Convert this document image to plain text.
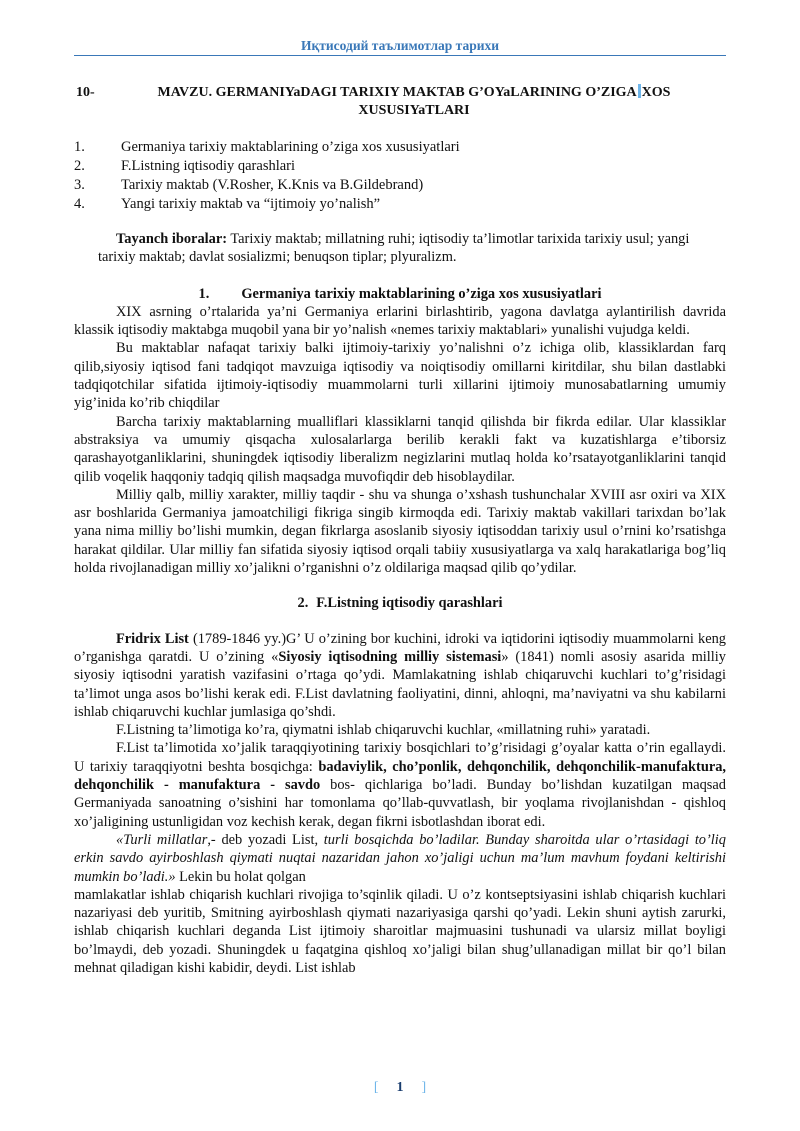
Иқтисодий таълимотлар тарихи
10-	MAVZU. GERMANIYaDAGI TARIXIY MAKTAB G’OYaLARINING O’ZIGA XOS
XUSUSIYaTLARI
1. Germaniya tarixiy maktablarining o’ziga xos xususiyatlari
2. F.Listning iqtisodiy qarashlari
3. Tarixiy maktab (V.Rosher, K.Knis va B.Gildebrand)
4. Yangi tarixiy maktab va “ijtimoiy yo’nalish”

Tayanch iboralar: Tarixiy maktab; millatning ruhi; iqtisodiy ta’limotlar tarixida tarixiy usul; yangi tarixiy maktab; davlat sosializmi; benuqson tiplar; plyuralizm.

1. Germaniya tarixiy maktablarining o’ziga xos xususiyatlari

XIX asrning o’rtalarida ya’ni Germaniya erlarini birlashtirib, yagona davlatga aylantirilish davrida klassik iqtisodiy maktabga muqobil yana bir yo’nalish «nemes tarixiy maktablari» yunalishi vujudga keldi.

Bu maktablar nafaqat tarixiy balki ijtimoiy-tarixiy yo’nalishni o’z ichiga olib, klassiklardan farq qilib,siyosiy iqtisod fani tadqiqot mavzuiga iqtisodiy va noiqtisodiy omillarni kiritdilar, shu bilan dastlabki tadqiqotchilar sifatida ijtimoiy-iqtisodiy muammolarni turli xillarini ijtimoiy munosabatlarning umumiy yig’inida ko’rib chiqdilar

Barcha tarixiy maktablarning mualliflari klassiklarni tanqid qilishda bir fikrda edilar. Ular klassiklar abstraksiya va umumiy qisqacha xulosalarlarga berilib kerakli fakt va kuzatishlarga e’tiborsiz qarashayotganliklarini, shuningdek iqtisodiy liberalizm negizlarini mutlaq holda ko’rsatayotganliklarini tanqid qilib voqelik haqqoniy tadqiq qilish maqsadga muvofiqdir deb hisoblaydilar.

Milliy qalb, milliy xarakter, milliy taqdir - shu va shunga o’xshash tushunchalar XVIII asr oxiri va XIX asr boshlarida Germaniya jamoatchiligi fikriga singib kirmoqda edi. Tarixiy maktab vakillari tarixdan bo’lak yana nima milliy bo’lishi mumkin, degan fikrlarga asoslanib siyosiy iqtisoddan tarixiy usul o’rnini ko’rsatishga harakat qildilar. Ular milliy fan sifatida siyosiy iqtisod orqali tabiiy xususiyatlarga va xalq harakatlariga bog’liq holda rivojlanadigan milliy xo’jalikni o’rganishni o’z oldilariga maqsad qilib qo’ydilar.

2. F.Listning iqtisodiy qarashlari

Fridrix List (1789-1846 yy.)G’ U o’zining bor kuchini, idroki va iqtidorini iqtisodiy muammolarni keng o’rganishga qaratdi. U o’zining «Siyosiy iqtisodning milliy sistemasi» (1841) nomli asosiy asarida milliy siyosiy iqtisodni yaratish vazifasini o’rtaga qo’ydi. Mamlakatning ishlab chiqaruvchi kuchlari to’g’risidagi ta’limot unga asos bo’lishi kerak edi. F.List davlatning faoliyatini, dinni, ahloqni, ma’naviyatni va shu kabilarni ishlab chiqaruvchi kuchlar jumlasiga qo’shdi.

F.Listning ta’limotiga ko’ra, qiymatni ishlab chiqaruvchi kuchlar, «millatning ruhi» yaratadi.

F.List ta’limotida xo’jalik taraqqiyotining tarixiy bosqichlari to’g’risidagi g’oyalar katta o’rin egallaydi. U tarixiy taraqqiyotni beshta bosqichga: badaviylik, cho’ponlik, dehqonchilik, dehqonchilik-manufaktura, dehqonchilik - manufaktura - savdo bos- qichlariga bo’ladi. Bunday bo’lishdan kuzatilgan maqsad Germaniyada sanoatning o’sishini har tomonlama qo’llab-quvvatlash, bir yoqlama rivojlanishdan - qishloq xo’jaligining ustunligidan voz kechish kerak, degan fikrni isbotlashdan iborat edi.

«Turli millatlar,- deb yozadi List, turli bosqichda bo’ladilar. Bunday sharoitda ular o’rtasidagi to’liq erkin savdo ayirboshlash qiymati nuqtai nazaridan jahon xo’jaligi uchun ma’lum mavhum foydani keltirishi mumkin bo’ladi.» Lekin bu holat qolgan

mamlakatlar ishlab chiqarish kuchlari rivojiga to’sqinlik qiladi. U o’z kontseptsiyasini ishlab chiqarish kuchlari nazariyasi deb yuritib, Smitning ayirboshlash qiymati nazariyasiga qarshi qo’yadi. Lekin shuni aytish zarurki, ishlab chiqarish kuchlari deganda List ijtimoiy sharoitlar majmuasini tushunadi va ularsiz millat boyligi bo’lmaydi, deb yozadi. Shuningdek u faqatgina qishloq xo’jaligi bilan shug’ullanadigan millat bir qo’l bilan mehnat qiladigan kishi kabidir, deydi. List ishlab

[ 1 ]
